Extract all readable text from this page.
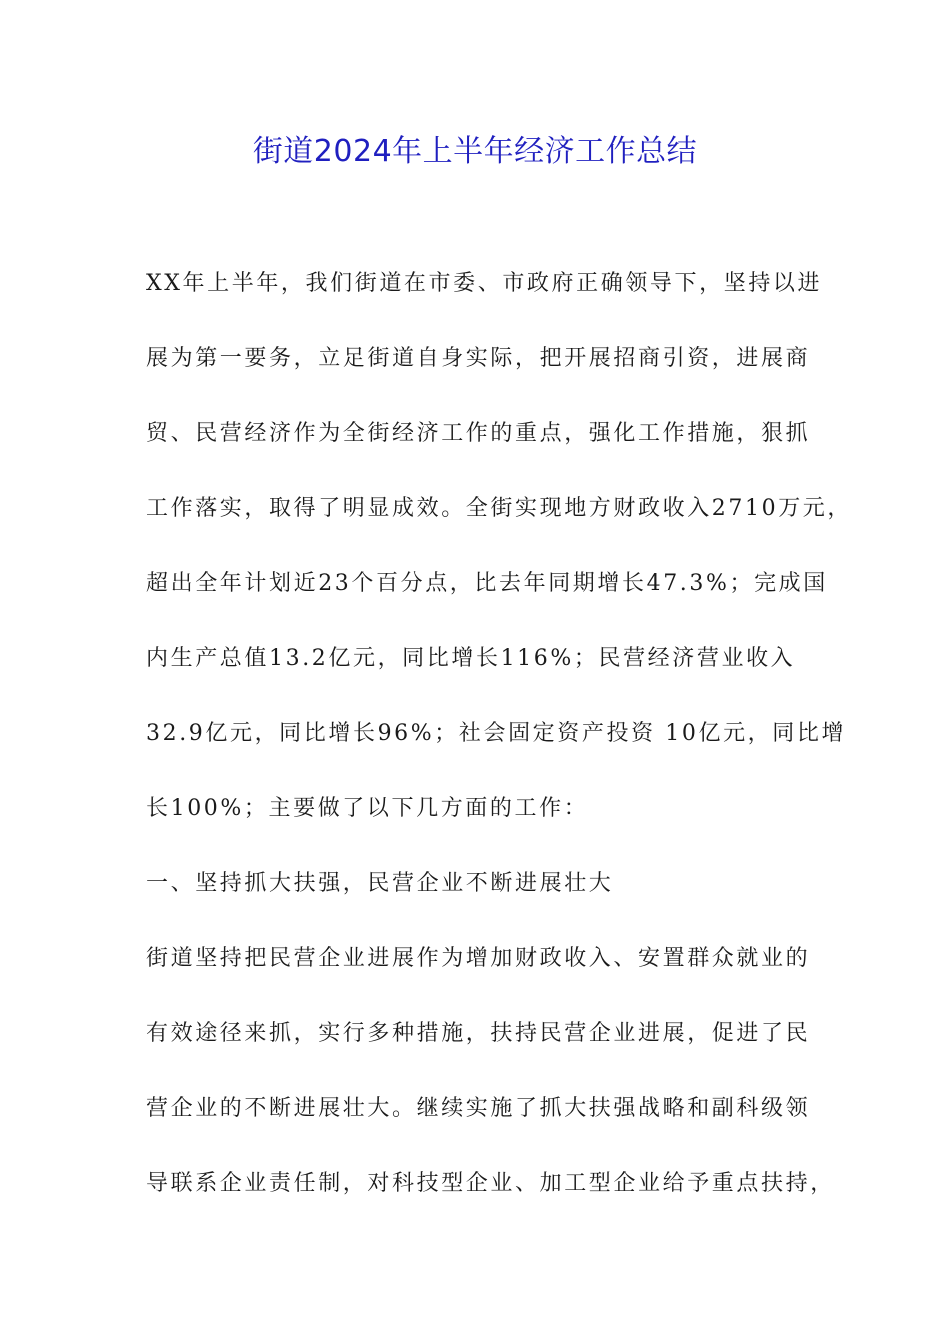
街道2024年上半年经济工作总结
XX年上半年，我们街道在市委、市政府正确领导下，坚持以进
展为第一要务，立足街道自身实际，把开展招商引资，进展商
贸、民营经济作为全街经济工作的重点，强化工作措施，狠抓
工作落实，取得了明显成效。全街实现地方财政收入2710万元，
超出全年计划近23个百分点，比去年同期增长47.3%；完成国
内生产总值13.2亿元，同比增长116%；民营经济营业收入
32.9亿元，同比增长96%；社会固定资产投资 10亿元，同比增
长100%；主要做了以下几方面的工作：
一、坚持抓大扶强，民营企业不断进展壮大
街道坚持把民营企业进展作为增加财政收入、安置群众就业的
有效途径来抓，实行多种措施，扶持民营企业进展，促进了民
营企业的不断进展壮大。继续实施了抓大扶强战略和副科级领
导联系企业责任制，对科技型企业、加工型企业给予重点扶持，
